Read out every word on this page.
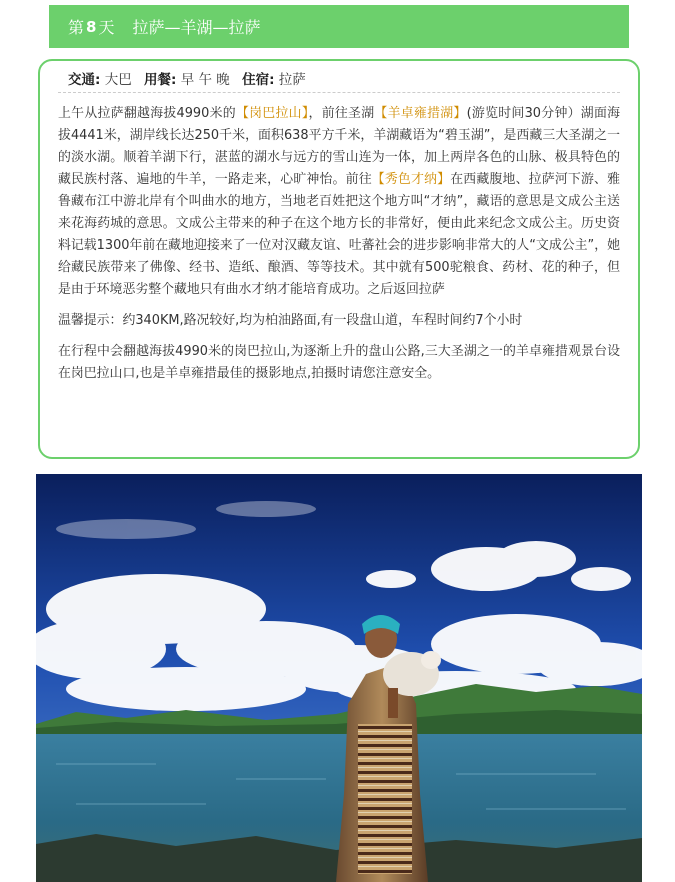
第 8 天 拉萨—羊湖—拉萨
交通: 大巴 用餐: 早 午 晚 住宿: 拉萨

上午从拉萨翻越海拔4990米的【岗巴拉山】，前往圣湖【羊卓雍措湖】(游览时间30分钟）湖面海拔4441米，湖岸线长达250千米，面积638平方千米，羊湖藏语为“碧玉湖”，是西藏三大圣湖之一的淡水湖。顺着羊湖下行，湛蓝的湖水与远方的雪山连为一体，加上两岸各色的山脉、极具特色的藏民族村落、遍地的牛羊，一路走来，心旷神怡。前往【秀色才纳】在西藏腹地、拉萨河下游、雅鲁藏布江中游北岸有个叫曲水的地方，当地老百姓把这个地方叫“才纳”，藏语的意思是文成公主送来花海药城的意思。文成公主带来的种子在这个地方长的非常好，便由此来纪念文成公主。历史资料记载1300年前在藏地迎接来了一位对汉藏友谊、吐蕃社会的进步影响非常大的人“文成公主”，她给藏民族带来了佛像、经书、造纸、酿酒、等等技术。其中就有500驼粮食、药材、花的种子，但是由于环境恶劣整个藏地只有曲水才纳才能培育成功。之后返回拉萨

温馨提示：约340KM,路况较好,均为柏油路面,有一段盘山道，车程时间约7个小时

在行程中会翻越海拔4990米的岗巴拉山,为逐渐上升的盘山公路,三大圣湖之一的羊卓雍措观景台设在岗巴拉山口,也是羊卓雍措最佳的摄影地点,拍摄时请您注意安全。
